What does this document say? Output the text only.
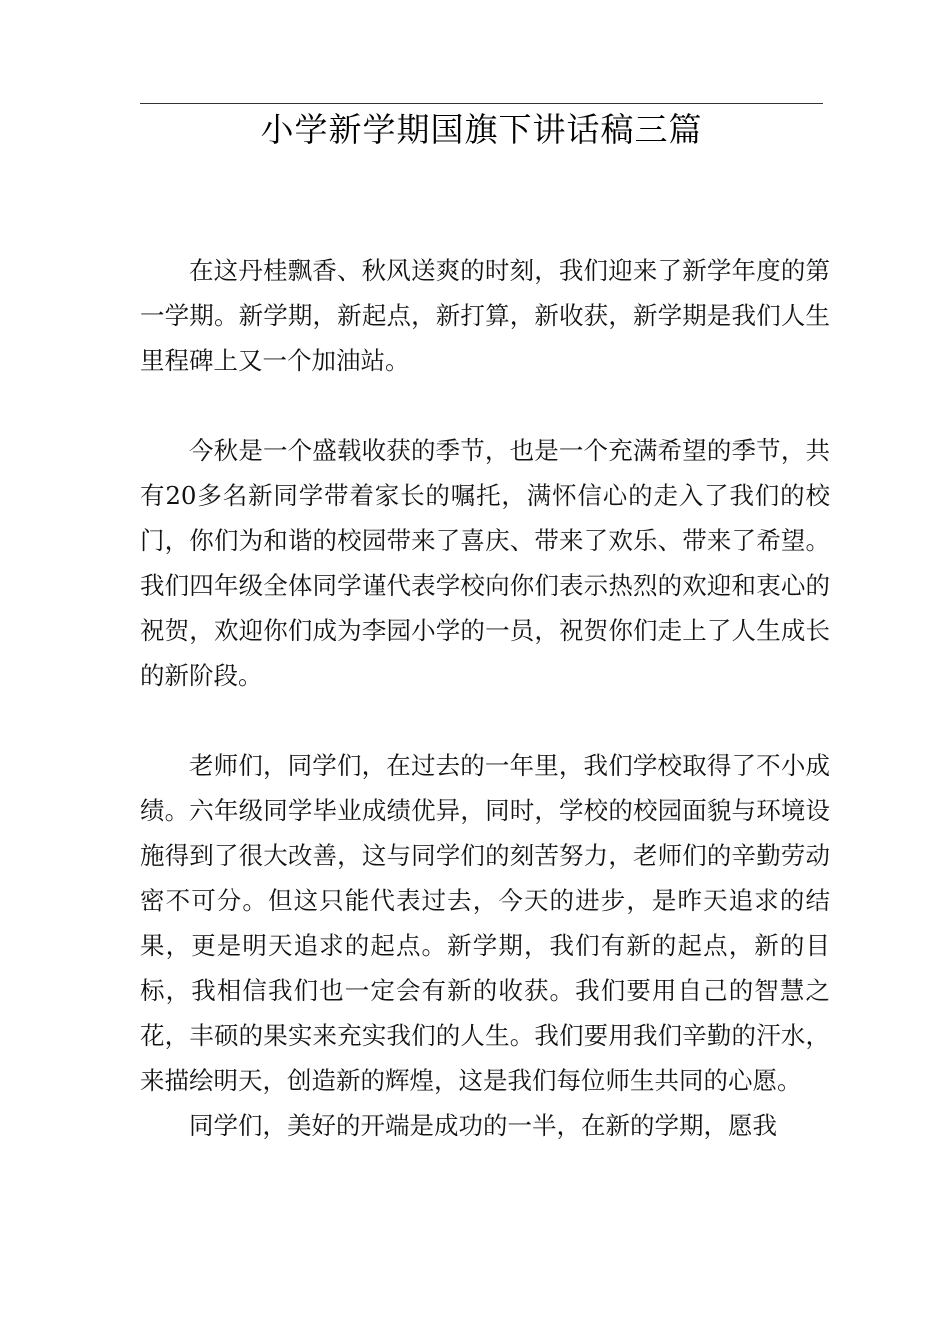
小学新学期国旗下讲话稿三篇

在这丹桂飘香、秋风送爽的时刻，我们迎来了新学年度的第一学期。新学期，新起点，新打算，新收获，新学期是我们人生里程碑上又一个加油站。

今秋是一个盛载收获的季节，也是一个充满希望的季节，共有20多名新同学带着家长的嘱托，满怀信心的走入了我们的校门，你们为和谐的校园带来了喜庆、带来了欢乐、带来了希望。我们四年级全体同学谨代表学校向你们表示热烈的欢迎和衷心的祝贺，欢迎你们成为李园小学的一员，祝贺你们走上了人生成长的新阶段。

老师们，同学们，在过去的一年里，我们学校取得了不小成绩。六年级同学毕业成绩优异，同时，学校的校园面貌与环境设施得到了很大改善，这与同学们的刻苦努力，老师们的辛勤劳动密不可分。但这只能代表过去，今天的进步，是昨天追求的结果，更是明天追求的起点。新学期，我们有新的起点，新的目标，我相信我们也一定会有新的收获。我们要用自己的智慧之花，丰硕的果实来充实我们的人生。我们要用我们辛勤的汗水，来描绘明天，创造新的辉煌，这是我们每位师生共同的心愿。

同学们，美好的开端是成功的一半，在新的学期，愿我
